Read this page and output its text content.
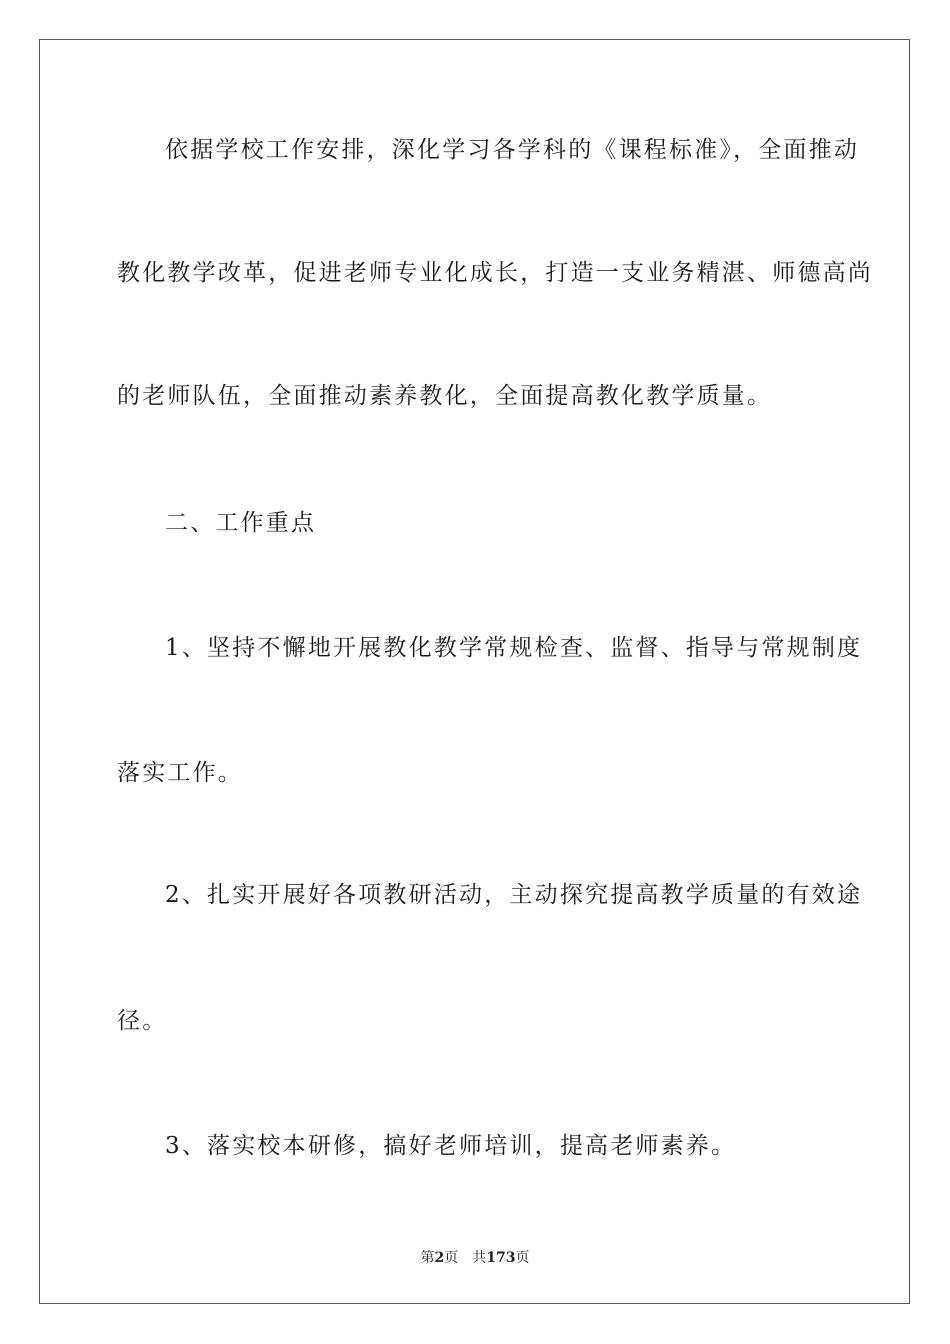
依据学校工作安排，深化学习各学科的《课程标准》，全面推动
教化教学改革，促进老师专业化成长，打造一支业务精湛、师德高尚
的老师队伍，全面推动素养教化，全面提高教化教学质量。
二、工作重点
1、坚持不懈地开展教化教学常规检查、监督、指导与常规制度
落实工作。
2、扎实开展好各项教研活动，主动探究提高教学质量的有效途
径。
3、落实校本研修，搞好老师培训，提高老师素养。
第2页 共173页
